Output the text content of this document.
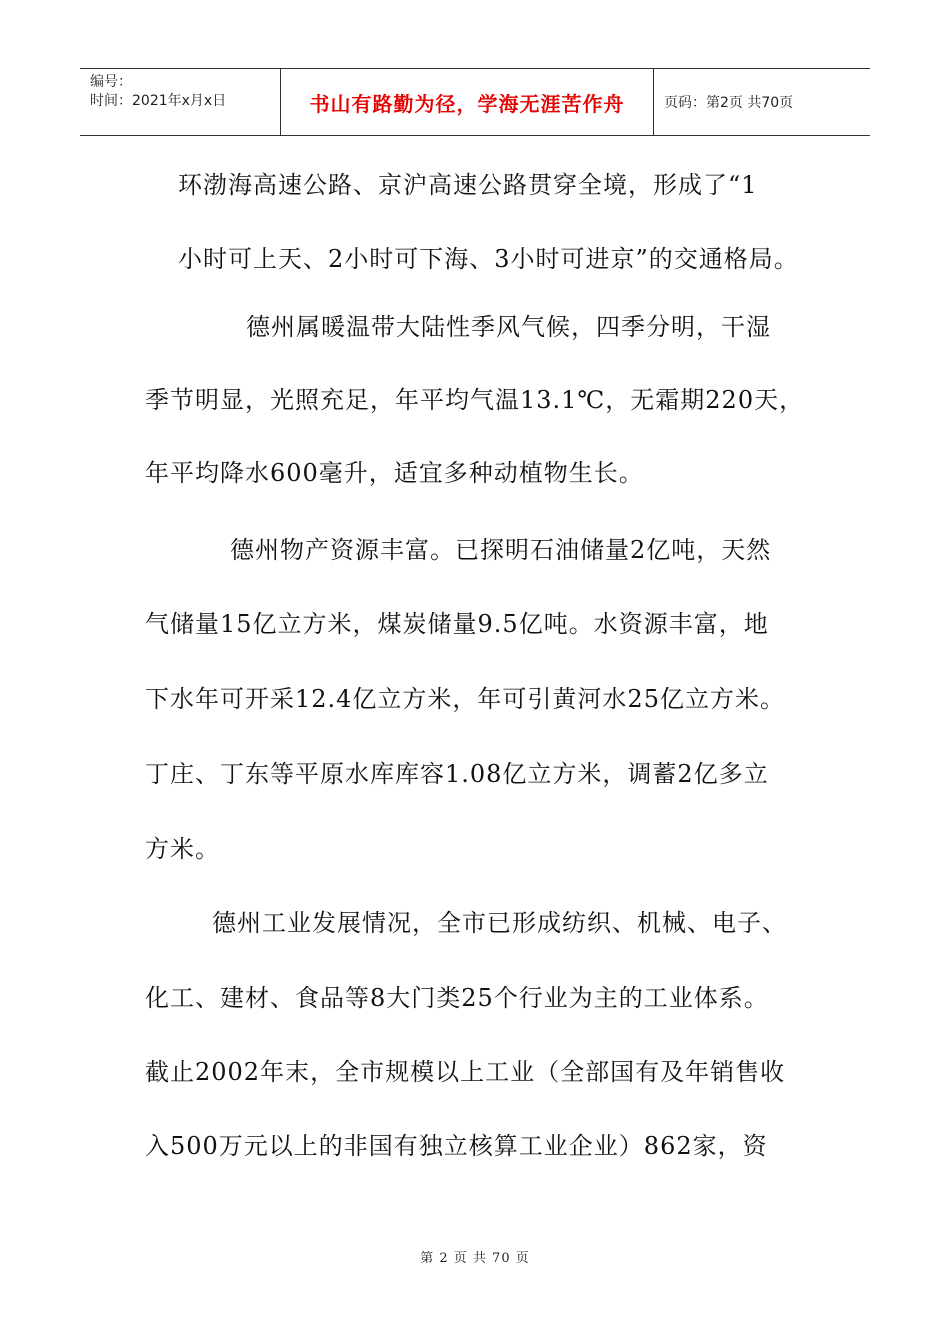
编号：
时间：2021年x月x日	书山有路勤为径，学海无涯苦作舟	页码：第2页 共70页
环渤海高速公路、京沪高速公路贯穿全境，形成了“1
小时可上天、2小时可下海、3小时可进京”的交通格局。
德州属暖温带大陆性季风气候，四季分明，干湿
季节明显，光照充足，年平均气温13.1℃，无霜期220天，
年平均降水600毫升，适宜多种动植物生长。
德州物产资源丰富。已探明石油储量2亿吨，天然
气储量15亿立方米，煤炭储量9.5亿吨。水资源丰富，地
下水年可开采12.4亿立方米，年可引黄河水25亿立方米。
丁庄、丁东等平原水库库容1.08亿立方米，调蓄2亿多立
方米。
德州工业发展情况，全市已形成纺织、机械、电子、
化工、建材、食品等8大门类25个行业为主的工业体系。
截止2002年末，全市规模以上工业（全部国有及年销售收
入500万元以上的非国有独立核算工业企业）862家，资
第 2 页 共 70 页
